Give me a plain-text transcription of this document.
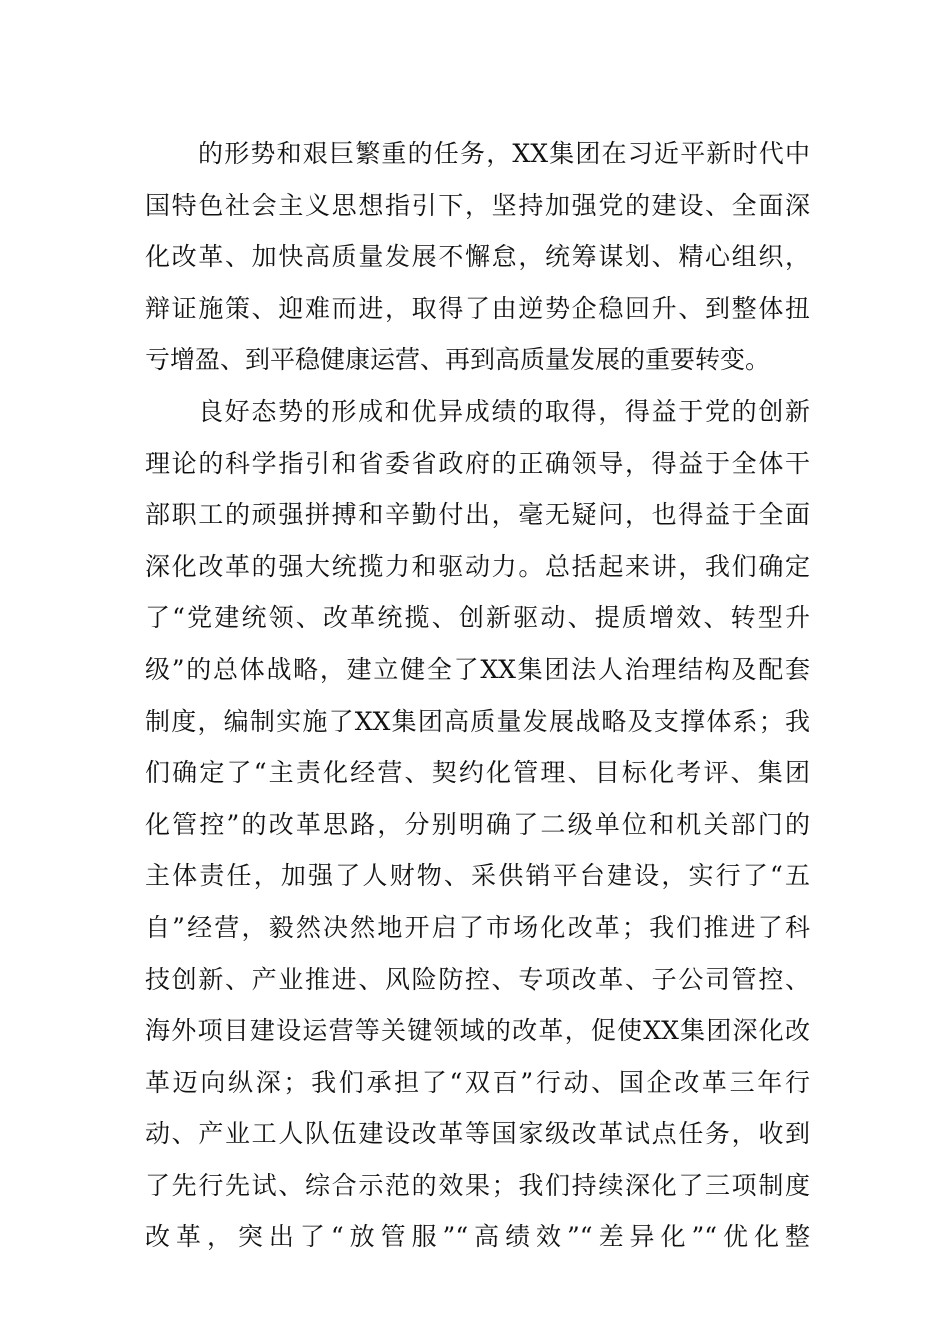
的形势和艰巨繁重的任务，XX集团在习近平新时代中
国特色社会主义思想指引下，坚持加强党的建设、全面深
化改革、加快高质量发展不懈怠，统筹谋划、精心组织，
辩证施策、迎难而进，取得了由逆势企稳回升、到整体扭
亏增盈、到平稳健康运营、再到高质量发展的重要转变。
良好态势的形成和优异成绩的取得，得益于党的创新
理论的科学指引和省委省政府的正确领导，得益于全体干
部职工的顽强拼搏和辛勤付出，毫无疑问，也得益于全面
深化改革的强大统揽力和驱动力。总括起来讲，我们确定
了“党建统领、改革统揽、创新驱动、提质增效、转型升
级”的总体战略，建立健全了XX集团法人治理结构及配套
制度，编制实施了XX集团高质量发展战略及支撑体系；我
们确定了“主责化经营、契约化管理、目标化考评、集团
化管控”的改革思路，分别明确了二级单位和机关部门的
主体责任，加强了人财物、采供销平台建设，实行了“五
自”经营，毅然决然地开启了市场化改革；我们推进了科
技创新、产业推进、风险防控、专项改革、子公司管控、
海外项目建设运营等关键领域的改革，促使XX集团深化改
革迈向纵深；我们承担了“双百”行动、国企改革三年行
动、产业工人队伍建设改革等国家级改革试点任务，收到
了先行先试、综合示范的效果；我们持续深化了三项制度
改革，突出了“放管服”“高绩效”“差异化”“优化整
